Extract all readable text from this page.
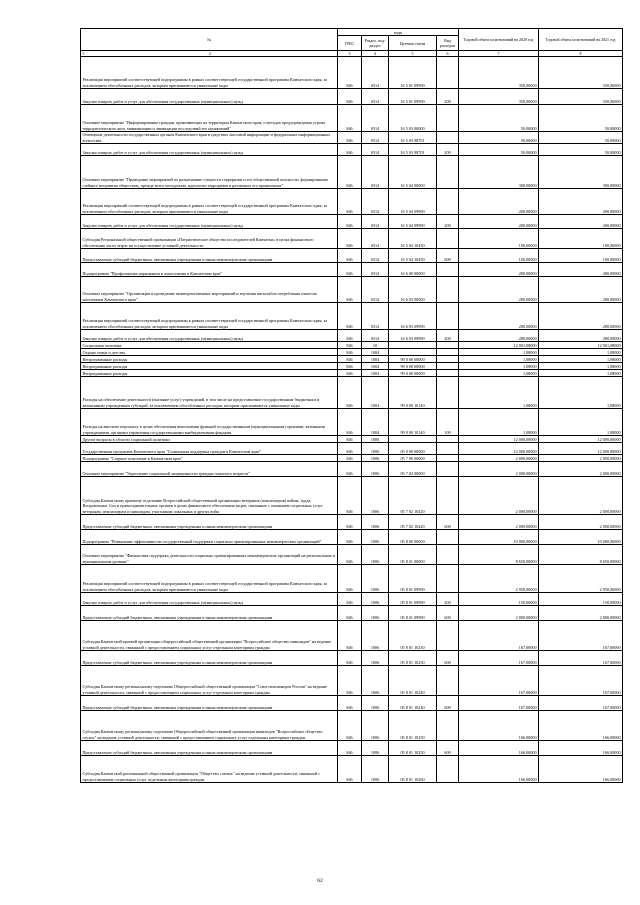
№	коды				Годовой объем ассигнований на 2020 год	Годовой объем ассигнований на 2021 год
	ГРБС	Раздел, под- раздел	Целевая статья	Вид расходов		

1 2	3	4	5	6	7	8
Реализация мероприятий соответствующей подпрограммы в рамках соответствующей государственной программы Камчатского края, за исключением обособленных расходов, которым присваиваются уникальные коды	846	0314	16 5 01 09990		350,00000	350,00000
Закупка товаров, работ и услуг для обеспечения государственных (муниципальных) нужд	846	0314	16 5 01 09990	200	350,00000	350,00000
Основное мероприятие "Информирование граждан, проживающих на территории Камчатского края, о методах предупреждения угрозы террористического акта, минимизации и ликвидации последствий его проявлений"	846	0314	16 5 03 00000		50,00000	50,00000
Освещение деятельности государственных органов Камчатского края в средствах массовой информации и федеральных информационных агентствах	846	0314	16 5 03 98701		50,00000	50,00000
Закупка товаров, работ и услуг для обеспечения государственных (муниципальных) нужд	846	0314	16 5 03 98701	200	50,00000	50,00000
Основное мероприятие "Проведение мероприятий по разъяснению сущности терроризма и его общественной опасности, формированию стойкого неприятия обществом, прежде всего молодежью, идеологии терроризма в различных его проявлениях"	846	0314	16 5 04 00000		300,00000	300,00000
Реализация мероприятий соответствующей подпрограммы в рамках соответствующей государственной программы Камчатского края, за исключением обособленных расходов, которым присваиваются уникальные коды	846	0314	16 5 04 09990		200,00000	200,00000
Закупка товаров, работ и услуг для обеспечения государственных (муниципальных) нужд	846	0314	16 5 04 09990	200	200,00000	200,00000
Субсидия Региональной общественной организации «Патриотическое общество исследователей Камчатки» в целях финансового обеспечения части затрат на осуществление уставной деятельности	846	0314	16 5 04 10450		100,00000	100,00000
Предоставление субсидий бюджетным, автономным учреждениям и иным некоммерческим организациям	846	0314	16 5 04 10450	600	100,00000	100,00000
Подпрограмма "Профилактика наркомании и алкоголизма в Камчатском крае"	846	0314	16 6 00 00000		280,00000	280,00000
Основное мероприятие "Организация и проведение межведомственных мероприятий и изучения масштабов потребления алкоголя населением Камчатского края"	846	0314	16 6 03 00000		280,00000	280,00000
Реализация мероприятий соответствующей подпрограммы в рамках соответствующей государственной программы Камчатского края, за исключением обособленных расходов, которым присваиваются уникальные коды	846	0314	16 6 03 09990		280,00000	280,00000
Закупка товаров, работ и услуг для обеспечения государственных (муниципальных) нужд	846	0314	16 6 03 09990	200	280,00000	280,00000
Социальная политика	846	10			12 001,08000	12 001,08000
Охрана семьи и детства	846	1004			1,08000	1,08000
Непрограммные расходы	846	1004	99 0 00 00000		1,08000	1,08000
Непрограммные расходы	846	1004	99 0 00 00000		1,08000	1,08000
Непрограммные расходы	846	1004	99 0 00 00000		1,08000	1,08000
Расходы на обеспечение деятельности (оказание услуг) учреждений, в том числе на предоставление государственным бюджетным и автономным учреждениям субсидий, за исключением обособленных расходов, которым присваиваются уникальные коды	846	1004	99 0 00 10140		1,08000	1,08000
Расходы на выплаты персоналу в целях обеспечения выполнения функций государственными (муниципальными) органами, казенными учреждениями, органами управления государственными внебюджетными фондами	846	1004	99 0 00 10140	100	1,08000	1,08000
Другие вопросы в области социальной политики	846	1006			12 000,00000	12 000,00000
Государственная программа Камчатского края "Социальная поддержка граждан в Камчатском крае"	846	1006	05 0 00 00000		12 000,00000	12 000,00000
Подпрограмма "Старшее поколение в Камчатском крае"	846	1006	05 7 00 00000		2 000,00000	2 000,00000
Основное мероприятие "Укрепление социальной защищенности граждан пожилого возраста"	846	1006	05 7 02 00000		2 000,00000	2 000,00000
Субсидия Камчатскому краевому отделению Всероссийской общественной организации ветеранов (пенсионеров) войны, труда, Вооруженных Сил и правоохранительных органов в целях финансового обеспечения затрат, связанных с оказанием социальных услуг ветеранам, пенсионерам и инвалидам, участникам локальных и других войн	846	1006	05 7 02 10420		2 000,00000	2 000,00000
Предоставление субсидий бюджетным, автономным учреждениям и иным некоммерческим организациям	846	1006	05 7 02 10420	600	2 000,00000	2 000,00000
Подпрограмма "Повышение эффективности государственной поддержки социально ориентированных некоммерческих организаций"	846	1006	05 8 00 00000		10 000,00000	10 000,00000
Основное мероприятие "Финансовая поддержка деятельности социально ориентированных некоммерческих организаций на региональном и муниципальном уровнях"	846	1006	05 8 01 00000		8 650,00000	8 650,00000
Реализация мероприятий соответствующей подпрограммы в рамках соответствующей государственной программы Камчатского края, за исключением обособленных расходов, которым присваиваются уникальные коды	846	1006	05 8 01 09990		2 950,00000	2 950,00000
Закупка товаров, работ и услуг для обеспечения государственных (муниципальных) нужд	846	1006	05 8 01 09990	200	150,00000	150,00000
Предоставление субсидий бюджетным, автономным учреждениям и иным некоммерческим организациям	846	1006	05 8 01 09990	600	2 800,00000	2 800,00000
Субсидия Камчатской краевой организации общероссийской общественной организации "Всероссийское общество инвалидов" на ведение уставной деятельности, связанной с предоставлением социальных услуг отдельным категориям граждан	846	1006	05 8 01 10230		167,00000	167,00000
Предоставление субсидий бюджетным, автономным учреждениям и иным некоммерческим организациям	846	1006	05 8 01 10230	600	167,00000	167,00000
Субсидия Камчатскому региональному отделению Общероссийской общественной организации "Союз пенсионеров России" на ведение уставной деятельности, связанной с предоставлением социальных услуг отдельным категориям граждан	846	1006	05 8 01 10240		167,00000	167,00000
Предоставление субсидий бюджетным, автономным учреждениям и иным некоммерческим организациям	846	1006	05 8 01 10240	600	167,00000	167,00000
Субсидия Камчатскому региональному отделению Общероссийской общественной организации инвалидов "Всероссийское общество глухих" на ведение уставной деятельности, связанной с предоставлением социальных услуг отдельным категориям граждан	846	1006	05 8 01 10250		166,00000	166,00000
Предоставление субсидий бюджетным, автономным учреждениям и иным некоммерческим организациям	846	1006	05 8 01 10250	600	166,00000	166,00000
Субсидия Камчатской региональной общественной организации "Общество слепых" на ведение уставной деятельности, связанной с предоставлением социальных услуг отдельным категориям граждан	846	1006	05 8 01 10260		166,00000	166,00000
62
